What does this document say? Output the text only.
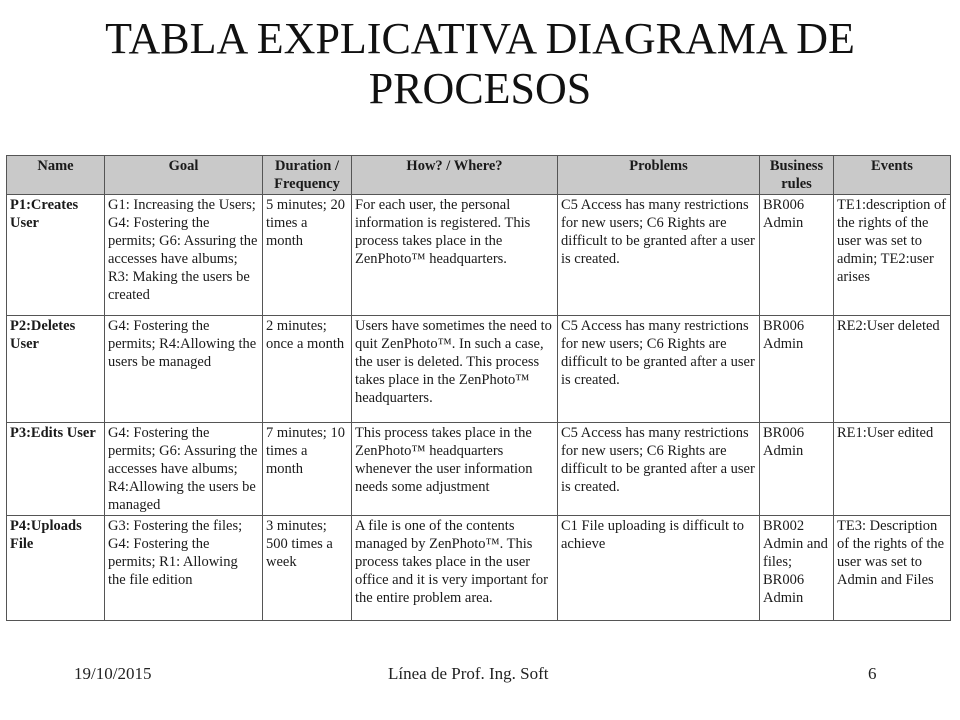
TABLA EXPLICATIVA DIAGRAMA DE PROCESOS
Name	Goal	Duration / Frequency	How? / Where?	Problems	Business rules	Events
P1:Creates User	G1: Increasing the Users; G4: Fostering the permits; G6: Assuring the accesses have albums; R3: Making the users be created	5 minutes; 20 times a month	For each user, the personal information is registered. This process takes place in the ZenPhoto™ headquarters.	C5 Access has many restrictions for new users; C6 Rights are difficult to be granted after a user is created.	BR006 Admin	TE1:description of the rights of the user was set to admin; TE2:user arises
P2:Deletes User	G4: Fostering the permits; R4:Allowing the users be managed	2 minutes; once a month	Users have sometimes the need to quit ZenPhoto™. In such a case, the user is deleted. This process takes place in the ZenPhoto™ headquarters.	C5 Access has many restrictions for new users; C6 Rights are difficult to be granted after a user is created.	BR006 Admin	RE2:User deleted
P3:Edits User	G4: Fostering the permits; G6: Assuring the accesses have albums; R4:Allowing the users be managed	7 minutes; 10 times a month	This process takes place in the ZenPhoto™ headquarters whenever the user information needs some adjustment	C5 Access has many restrictions for new users; C6 Rights are difficult to be granted after a user is created.	BR006 Admin	RE1:User edited
P4:Uploads File	G3: Fostering the files; G4: Fostering the permits; R1: Allowing the file edition	3 minutes; 500 times a week	A file is one of the contents managed by ZenPhoto™. This process takes place in the user office and it is very important for the entire problem area.	C1 File uploading is difficult to achieve	BR002 Admin and files; BR006 Admin	TE3: Description of the rights of the user was set to Admin and Files
19/10/2015	Línea de Prof. Ing. Soft	6
